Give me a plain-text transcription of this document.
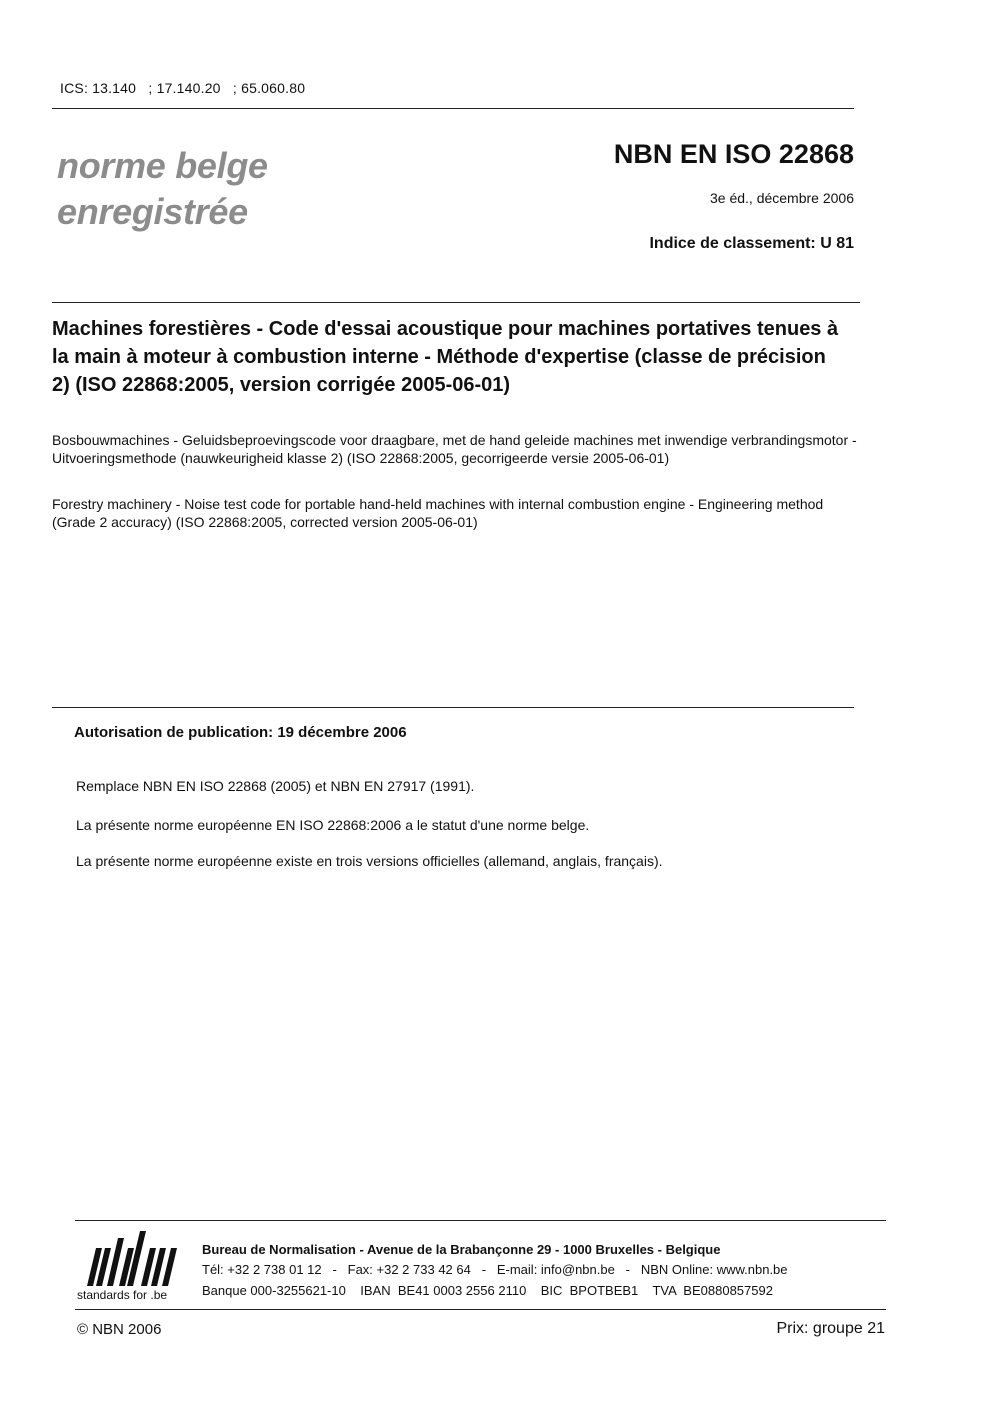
ICS: 13.140   ; 17.140.20   ; 65.060.80
norme belge
enregistrée
NBN EN ISO 22868
3e éd., décembre 2006
Indice de classement: U 81
Machines forestières - Code d'essai acoustique pour machines portatives tenues à la main à moteur à combustion interne - Méthode d'expertise (classe de précision 2) (ISO 22868:2005, version corrigée 2005-06-01)
Bosbouwmachines - Geluidsbeproevingscode voor draagbare, met de hand geleide machines met inwendige verbrandingsmotor - Uitvoeringsmethode (nauwkeurigheid klasse 2) (ISO 22868:2005, gecorrigeerde versie 2005-06-01)
Forestry machinery - Noise test code for portable hand-held machines with internal combustion engine - Engineering method (Grade 2 accuracy) (ISO 22868:2005, corrected version 2005-06-01)
Autorisation de publication: 19 décembre 2006
Remplace NBN EN ISO 22868 (2005) et NBN EN 27917 (1991).
La présente norme européenne EN ISO 22868:2006 a le statut d'une norme belge.
La présente norme européenne existe en trois versions officielles (allemand, anglais, français).
standards for .be
Bureau de Normalisation - Avenue de la Brabançonne 29 - 1000 Bruxelles - Belgique
Tél: +32 2 738 01 12   -   Fax: +32 2 733 42 64   -   E-mail: info@nbn.be   -   NBN Online: www.nbn.be
Banque 000-3255621-10    IBAN  BE41 0003 2556 2110    BIC  BPOTBEB1    TVA  BE0880857592
© NBN 2006	Prix: groupe 21
